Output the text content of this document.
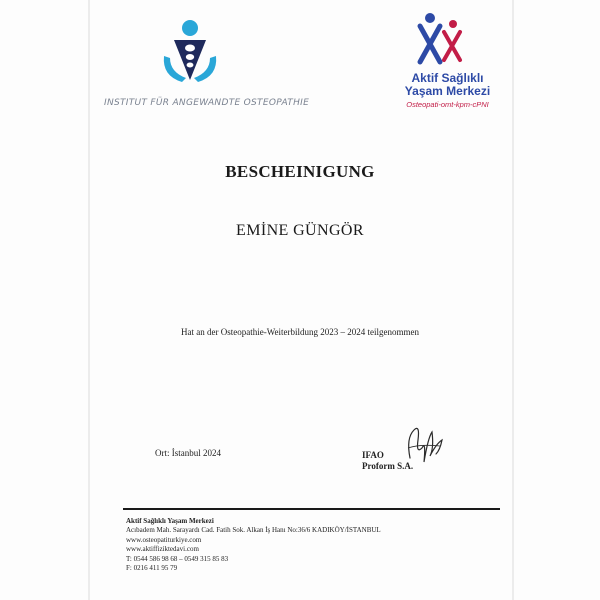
INSTITUT FÜR ANGEWANDTE OSTEOPATHIE
Aktif Sağlıklı
Yaşam Merkezi
Osteopati-omt-kpm-cPNI
BESCHEINIGUNG
EMİNE GÜNGÖR
Hat an der Osteopathie-Weiterbildung 2023 – 2024 teilgenommen
Ort: İstanbul 2024	IFAO
Proform S.A.
Aktif Sağlıklı Yaşam Merkezi
Acıbadem Mah. Sarayardı Cad. Fatih Sok. Alkan İş Hanı No:36/6 KADIKÖY/İSTANBUL
www.osteopatiturkiye.com
www.aktiffiziktedavi.com
T: 0544 586 98 68 – 0549 315 85 83
F: 0216 411 95 79
